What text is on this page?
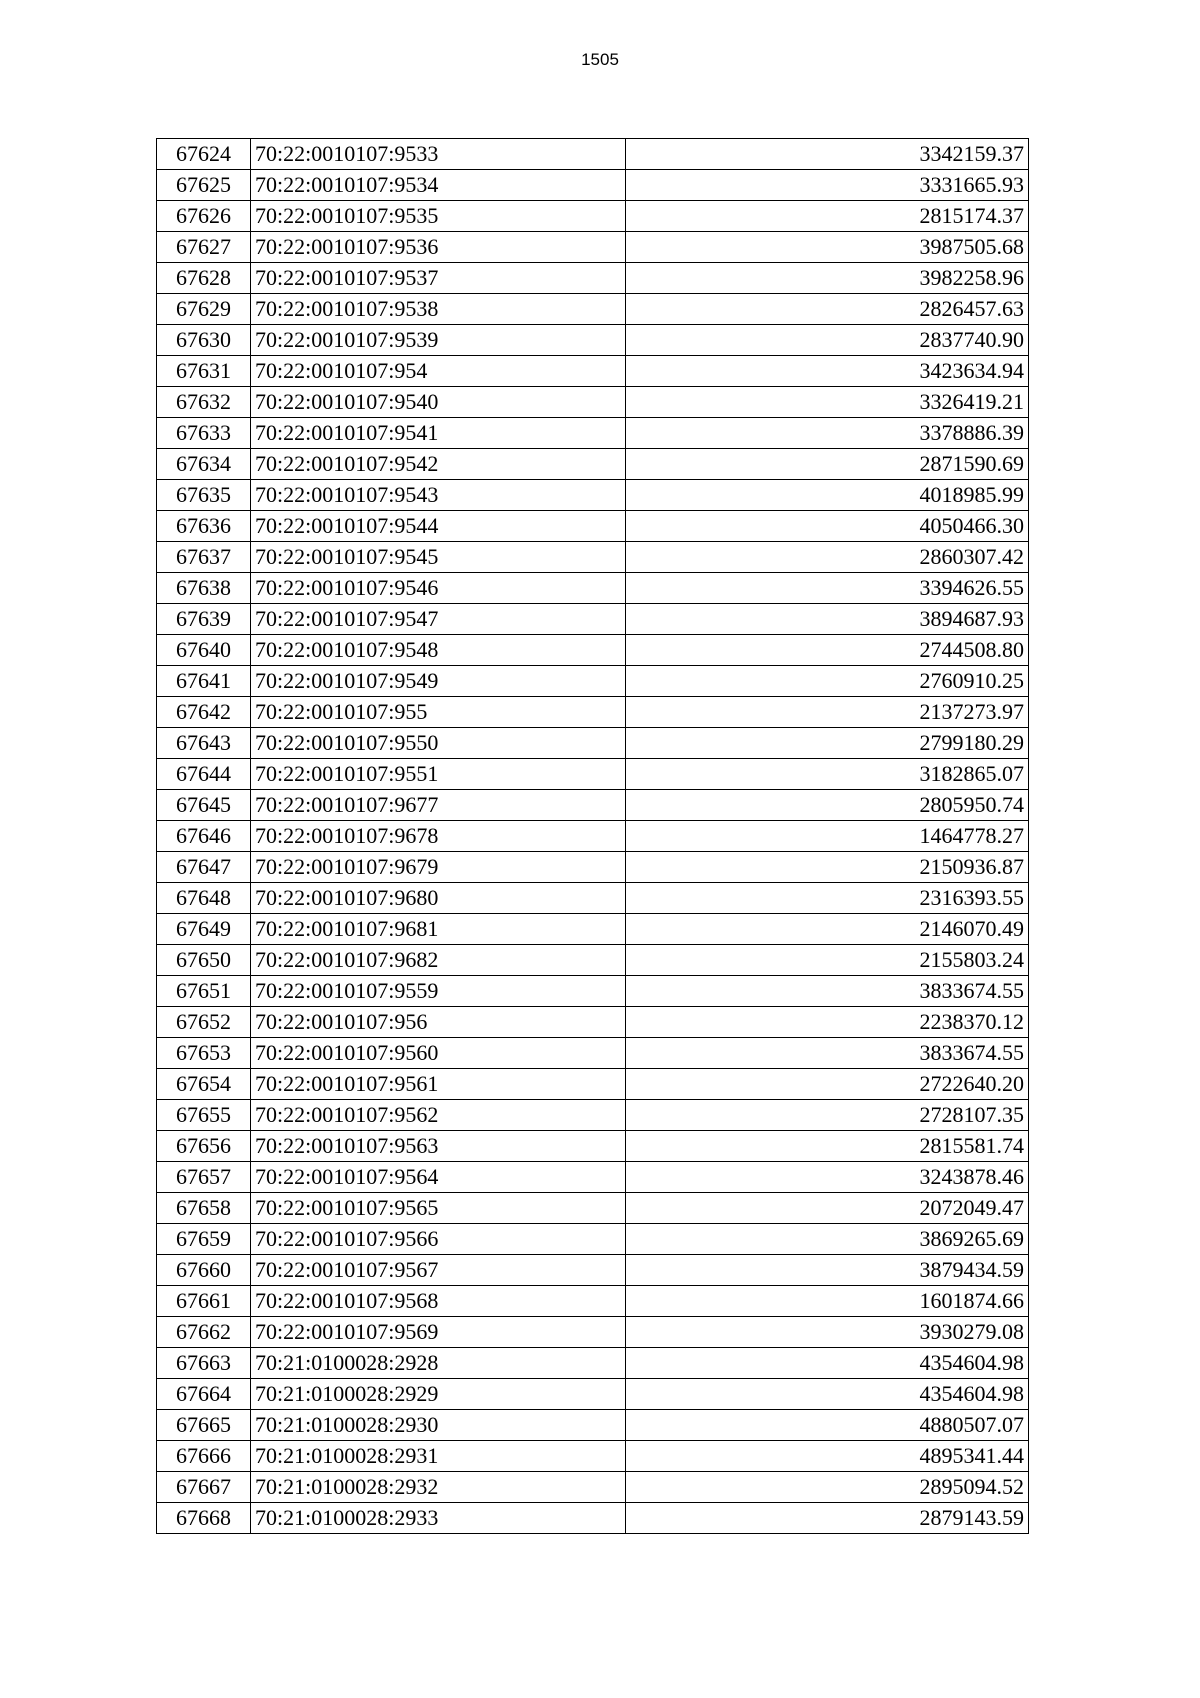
1505
67624	70:22:0010107:9533	3342159.37
67625	70:22:0010107:9534	3331665.93
67626	70:22:0010107:9535	2815174.37
67627	70:22:0010107:9536	3987505.68
67628	70:22:0010107:9537	3982258.96
67629	70:22:0010107:9538	2826457.63
67630	70:22:0010107:9539	2837740.90
67631	70:22:0010107:954	3423634.94
67632	70:22:0010107:9540	3326419.21
67633	70:22:0010107:9541	3378886.39
67634	70:22:0010107:9542	2871590.69
67635	70:22:0010107:9543	4018985.99
67636	70:22:0010107:9544	4050466.30
67637	70:22:0010107:9545	2860307.42
67638	70:22:0010107:9546	3394626.55
67639	70:22:0010107:9547	3894687.93
67640	70:22:0010107:9548	2744508.80
67641	70:22:0010107:9549	2760910.25
67642	70:22:0010107:955	2137273.97
67643	70:22:0010107:9550	2799180.29
67644	70:22:0010107:9551	3182865.07
67645	70:22:0010107:9677	2805950.74
67646	70:22:0010107:9678	1464778.27
67647	70:22:0010107:9679	2150936.87
67648	70:22:0010107:9680	2316393.55
67649	70:22:0010107:9681	2146070.49
67650	70:22:0010107:9682	2155803.24
67651	70:22:0010107:9559	3833674.55
67652	70:22:0010107:956	2238370.12
67653	70:22:0010107:9560	3833674.55
67654	70:22:0010107:9561	2722640.20
67655	70:22:0010107:9562	2728107.35
67656	70:22:0010107:9563	2815581.74
67657	70:22:0010107:9564	3243878.46
67658	70:22:0010107:9565	2072049.47
67659	70:22:0010107:9566	3869265.69
67660	70:22:0010107:9567	3879434.59
67661	70:22:0010107:9568	1601874.66
67662	70:22:0010107:9569	3930279.08
67663	70:21:0100028:2928	4354604.98
67664	70:21:0100028:2929	4354604.98
67665	70:21:0100028:2930	4880507.07
67666	70:21:0100028:2931	4895341.44
67667	70:21:0100028:2932	2895094.52
67668	70:21:0100028:2933	2879143.59
